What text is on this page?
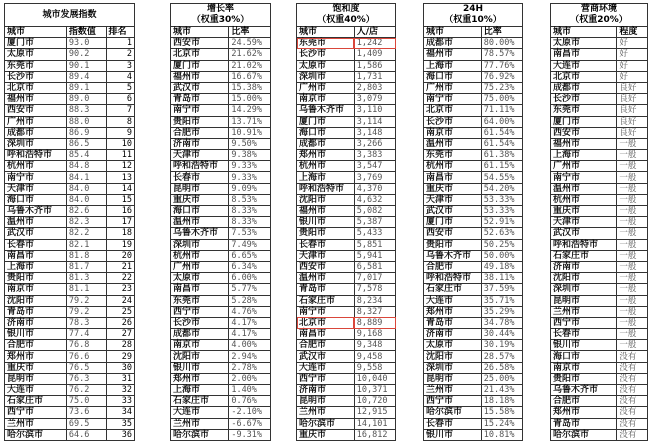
城市发展指数		
城市	指数值	排名
厦门市	93.0	1
太原市	90.2	2
东莞市	90.1	3
长沙市	89.4	4
北京市	89.1	5
福州市	89.0	6
西安市	88.3	7
广州市	88.0	8
成都市	86.9	9
深圳市	86.5	10
呼和浩特市	85.4	11
杭州市	84.8	12
南宁市	84.1	13
天津市	84.0	14
海口市	84.0	15
乌鲁木齐市	82.6	16
温州市	82.3	17
武汉市	82.2	18
长春市	82.1	19
南昌市	81.8	20
上海市	81.7	21
贵阳市	81.3	22
南京市	81.1	23
沈阳市	79.2	24
青岛市	79.2	25
济南市	78.3	26
银川市	77.4	27
合肥市	76.8	28
郑州市	76.6	29
重庆市	76.5	30
昆明市	76.3	31
大连市	76.2	32
石家庄市	75.0	33
西宁市	73.6	34
兰州市	69.5	35
哈尔滨市	64.6	36
增长率
（权重30%）	
城市	比率
西安市	24.59%
北京市	21.62%
厦门市	21.02%
福州市	16.67%
武汉市	15.38%
青岛市	15.00%
南宁市	14.29%
贵阳市	13.71%
合肥市	10.91%
济南市	9.50%
天津市	9.38%
呼和浩特市	9.33%
长春市	9.33%
昆明市	9.09%
重庆市	8.53%
海口市	8.33%
温州市	8.33%
乌鲁木齐市	7.53%
深圳市	7.49%
杭州市	6.65%
广州市	6.34%
太原市	6.00%
南昌市	5.77%
东莞市	5.28%
西宁市	4.76%
长沙市	4.17%
成都市	4.17%
南京市	4.00%
沈阳市	2.94%
银川市	2.78%
郑州市	2.00%
上海市	1.40%
石家庄市	0.76%
大连市	-2.10%
兰州市	-6.67%
哈尔滨市	-9.31%
饱和度
（权重40%）	
城市	人/店
东莞市	1,242
长沙市	1,409
太原市	1,586
深圳市	1,731
广州市	2,803
南京市	3,079
乌鲁木齐市	3,110
厦门市	3,114
海口市	3,148
成都市	3,266
郑州市	3,383
杭州市	3,547
上海市	3,769
呼和浩特市	4,370
沈阳市	4,632
福州市	5,082
银川市	5,387
贵阳市	5,433
长春市	5,851
天津市	5,941
西安市	6,581
温州市	7,017
青岛市	7,578
石家庄市	8,234
南宁市	8,327
北京市	8,889
南昌市	9,168
合肥市	9,348
武汉市	9,458
大连市	9,558
西宁市	10,040
济南市	10,371
昆明市	10,720
兰州市	12,915
哈尔滨市	14,101
重庆市	16,812
24H
（权重10%）	
城市	比率
成都市	80.00%
福州市	78.57%
上海市	77.76%
海口市	76.92%
广州市	75.23%
南宁市	75.00%
北京市	71.11%
长沙市	64.00%
南京市	61.54%
温州市	61.54%
东莞市	61.38%
杭州市	61.15%
南昌市	54.55%
重庆市	54.20%
天津市	53.33%
武汉市	53.33%
厦门市	52.91%
西安市	52.63%
贵阳市	50.25%
乌鲁木齐市	50.00%
合肥市	49.18%
呼和浩特市	38.11%
石家庄市	37.59%
大连市	35.71%
郑州市	35.29%
青岛市	34.78%
济南市	30.44%
太原市	30.19%
沈阳市	28.57%
深圳市	26.58%
昆明市	25.00%
兰州市	21.43%
西宁市	18.18%
哈尔滨市	15.58%
长春市	15.24%
银川市	10.81%
营商环境
（权重20%）	
城市	程度
太原市	好
南昌市	好
大连市	好
北京市	好
成都市	良好
长沙市	良好
东莞市	良好
厦门市	良好
西安市	良好
福州市	一般
上海市	一般
广州市	一般
南宁市	一般
温州市	一般
杭州市	一般
重庆市	一般
天津市	一般
武汉市	一般
呼和浩特市	一般
石家庄市	一般
济南市	一般
沈阳市	一般
深圳市	一般
昆明市	一般
兰州市	一般
西宁市	一般
长春市	一般
银川市	一般
海口市	没有
南京市	没有
贵阳市	没有
乌鲁木齐市	没有
合肥市	没有
郑州市	没有
青岛市	没有
哈尔滨市	没有
